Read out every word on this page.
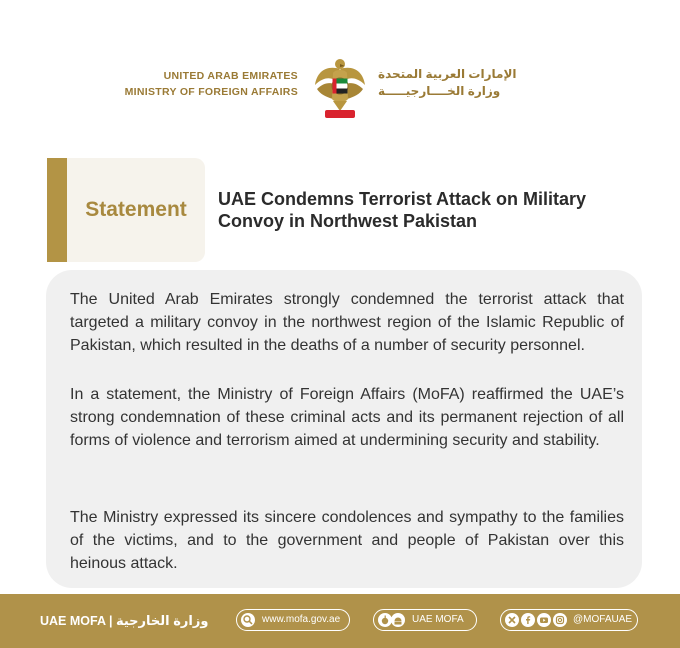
UNITED ARAB EMIRATES
MINISTRY OF FOREIGN AFFAIRS
الإمارات العربية المتحدة
وزارة الخــــارجيـــــة
Statement	UAE Condemns Terrorist Attack on Military Convoy in Northwest Pakistan

The United Arab Emirates strongly condemned the terrorist attack that targeted a military convoy in the northwest region of the Islamic Republic of Pakistan, which resulted in the deaths of a number of security personnel.

In a statement, the Ministry of Foreign Affairs (MoFA) reaffirmed the UAE’s strong condemnation of these criminal acts and its permanent rejection of all forms of violence and terrorism aimed at undermining security and stability.

The Ministry expressed its sincere condolences and sympathy to the families of the victims, and to the government and people of Pakistan over this heinous attack.

UAE MOFA | وزارة الخارجية	www.mofa.gov.ae	UAE MOFA	@MOFAUAE
